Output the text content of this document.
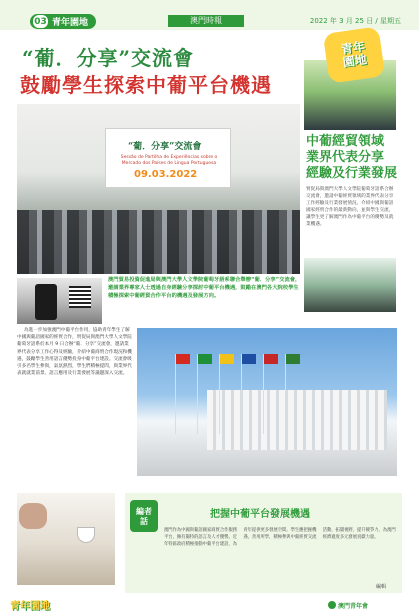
03 青年園地	澳門時報	2022 年 3 月 25 日 / 星期五
“葡．分享”交流會
鼓勵學生探索中葡平台機遇
青年
園地
“葡．分享”交流會
Sessão de Partilha de Experiências sobre o Mercado dos Países de Língua Portuguesa
09.03.2022
中葡經貿領域
業界代表分享
經驗及行業發展
貿促局與澳門大學人文學院葡萄牙語系合辦交流會，邀請中葡經貿領域的業界代表分享工作經驗及行業發展情況，介紹中國與葡語國家經貿合作的最新動向，並與學生交流，讓學生更了解澳門作為中葡平台的優勢及就業機遇。
澳門貿易投資促進局與澳門大學人文學院葡萄牙語系聯合舉辦“葡．分享”交流會，邀請業界專家人士透過自身經驗分享探討中葡平台機遇，鼓勵在澳門各大院校學生積極探索中葡經貿合作平台的機遇及發展方向。
為進一步加強澳門中葡平台作用，協助青年學生了解中國與葡語國家的經貿合作，貿促局與澳門大學人文學院葡萄牙語系於本月 9 日合辦“葡．分享”交流會，邀請業界代表分享工作心得及經驗，介紹中葡商貿合作現況和機遇，鼓勵學生善用語言優勢投身中葡平台建設。交流會吸引多名學生參與，氣氛熱烈，學生們積極提問，與業界代表就就業前景、語言應用及行業發展等議題深入交流。
編者
話
把握中葡平台發展機遇
澳門作為中國與葡語國家商貿合作服務平台，擁有獨特的語言及人才優勢。近年特區政府積極推動中葡平台建設，為青年提供更多發展空間。學生應把握機遇，善用所學，積極參與中葡經貿交流活動，拓闊視野，提升競爭力，為澳門經濟適度多元發展貢獻力量。
編輯
青年園地	澳門青年會
